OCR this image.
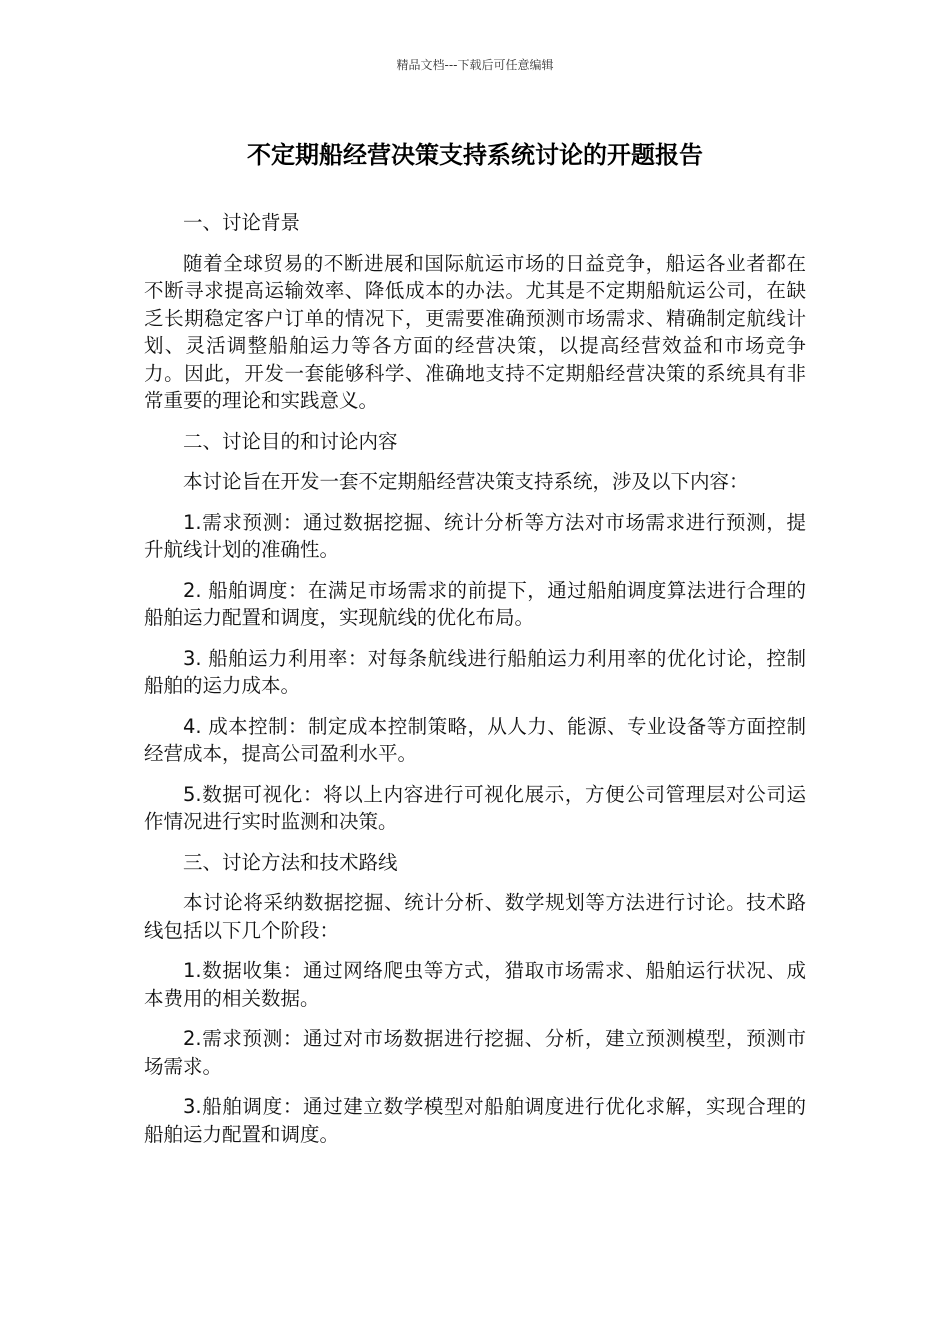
精品文档---下载后可任意编辑
不定期船经营决策支持系统讨论的开题报告

一、讨论背景

随着全球贸易的不断进展和国际航运市场的日益竞争，船运各业者都在不断寻求提高运输效率、降低成本的办法。尤其是不定期船航运公司，在缺乏长期稳定客户订单的情况下，更需要准确预测市场需求、精确制定航线计划、灵活调整船舶运力等各方面的经营决策，以提高经营效益和市场竞争力。因此，开发一套能够科学、准确地支持不定期船经营决策的系统具有非常重要的理论和实践意义。

二、讨论目的和讨论内容

本讨论旨在开发一套不定期船经营决策支持系统，涉及以下内容：

1.需求预测：通过数据挖掘、统计分析等方法对市场需求进行预测，提升航线计划的准确性。

2. 船舶调度：在满足市场需求的前提下，通过船舶调度算法进行合理的船舶运力配置和调度，实现航线的优化布局。

3. 船舶运力利用率：对每条航线进行船舶运力利用率的优化讨论，控制船舶的运力成本。

4. 成本控制：制定成本控制策略，从人力、能源、专业设备等方面控制经营成本，提高公司盈利水平。

5.数据可视化：将以上内容进行可视化展示，方便公司管理层对公司运作情况进行实时监测和决策。

三、讨论方法和技术路线

本讨论将采纳数据挖掘、统计分析、数学规划等方法进行讨论。技术路线包括以下几个阶段：

1.数据收集：通过网络爬虫等方式，猎取市场需求、船舶运行状况、成本费用的相关数据。

2.需求预测：通过对市场数据进行挖掘、分析，建立预测模型，预测市场需求。

3.船舶调度：通过建立数学模型对船舶调度进行优化求解，实现合理的船舶运力配置和调度。
